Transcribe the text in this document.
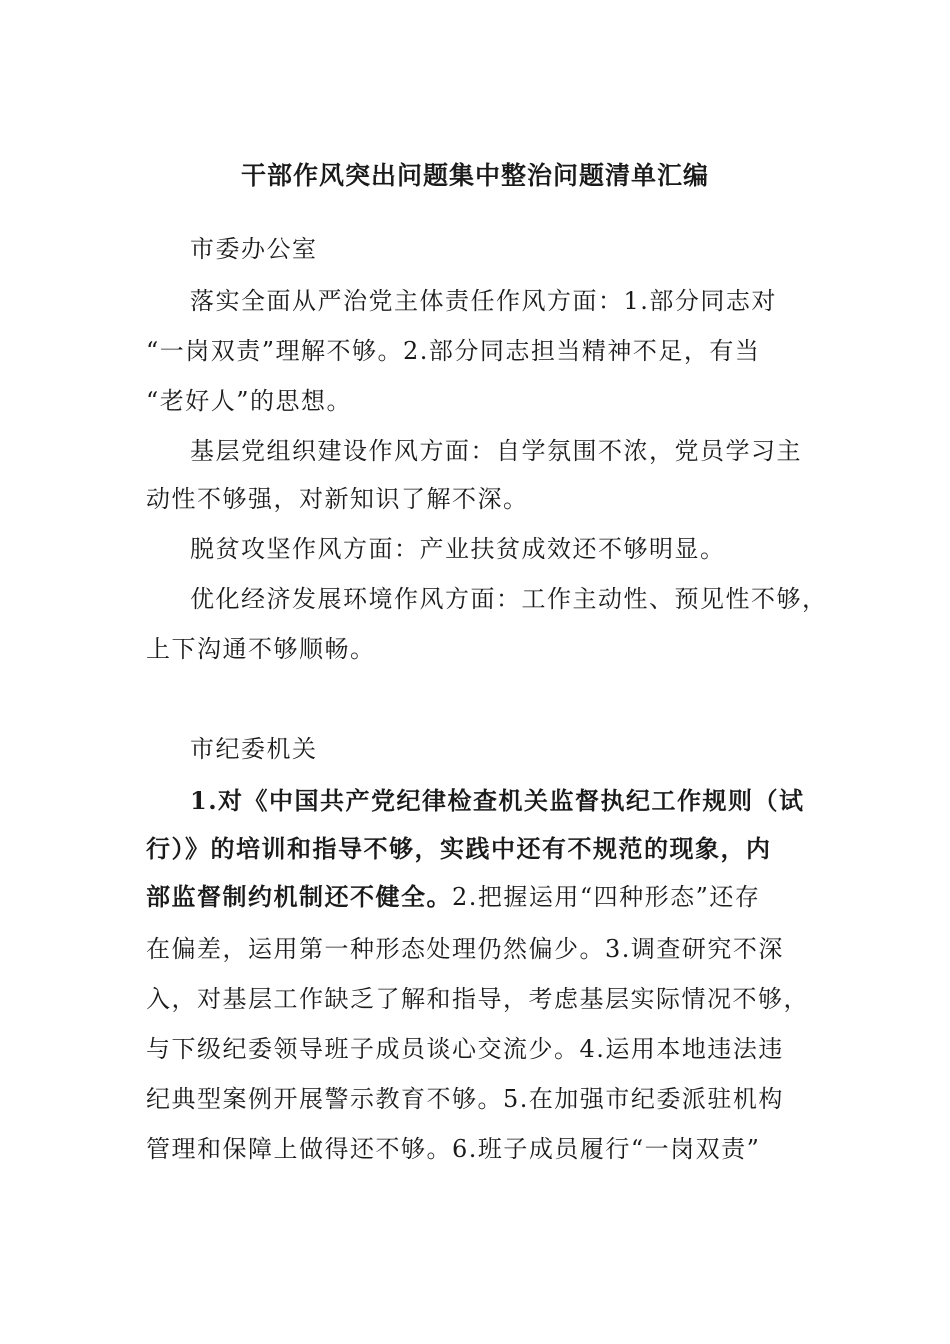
干部作风突出问题集中整治问题清单汇编
市委办公室
落实全面从严治党主体责任作风方面：1.部分同志对
“一岗双责”理解不够。2.部分同志担当精神不足，有当
“老好人”的思想。
基层党组织建设作风方面：自学氛围不浓，党员学习主
动性不够强，对新知识了解不深。
脱贫攻坚作风方面：产业扶贫成效还不够明显。
优化经济发展环境作风方面：工作主动性、预见性不够，
上下沟通不够顺畅。
市纪委机关
1.对《中国共产党纪律检查机关监督执纪工作规则（试
行）》的培训和指导不够，实践中还有不规范的现象，内
部监督制约机制还不健全。2.把握运用“四种形态”还存
在偏差，运用第一种形态处理仍然偏少。3.调查研究不深
入，对基层工作缺乏了解和指导，考虑基层实际情况不够，
与下级纪委领导班子成员谈心交流少。4.运用本地违法违
纪典型案例开展警示教育不够。5.在加强市纪委派驻机构
管理和保障上做得还不够。6.班子成员履行“一岗双责”
